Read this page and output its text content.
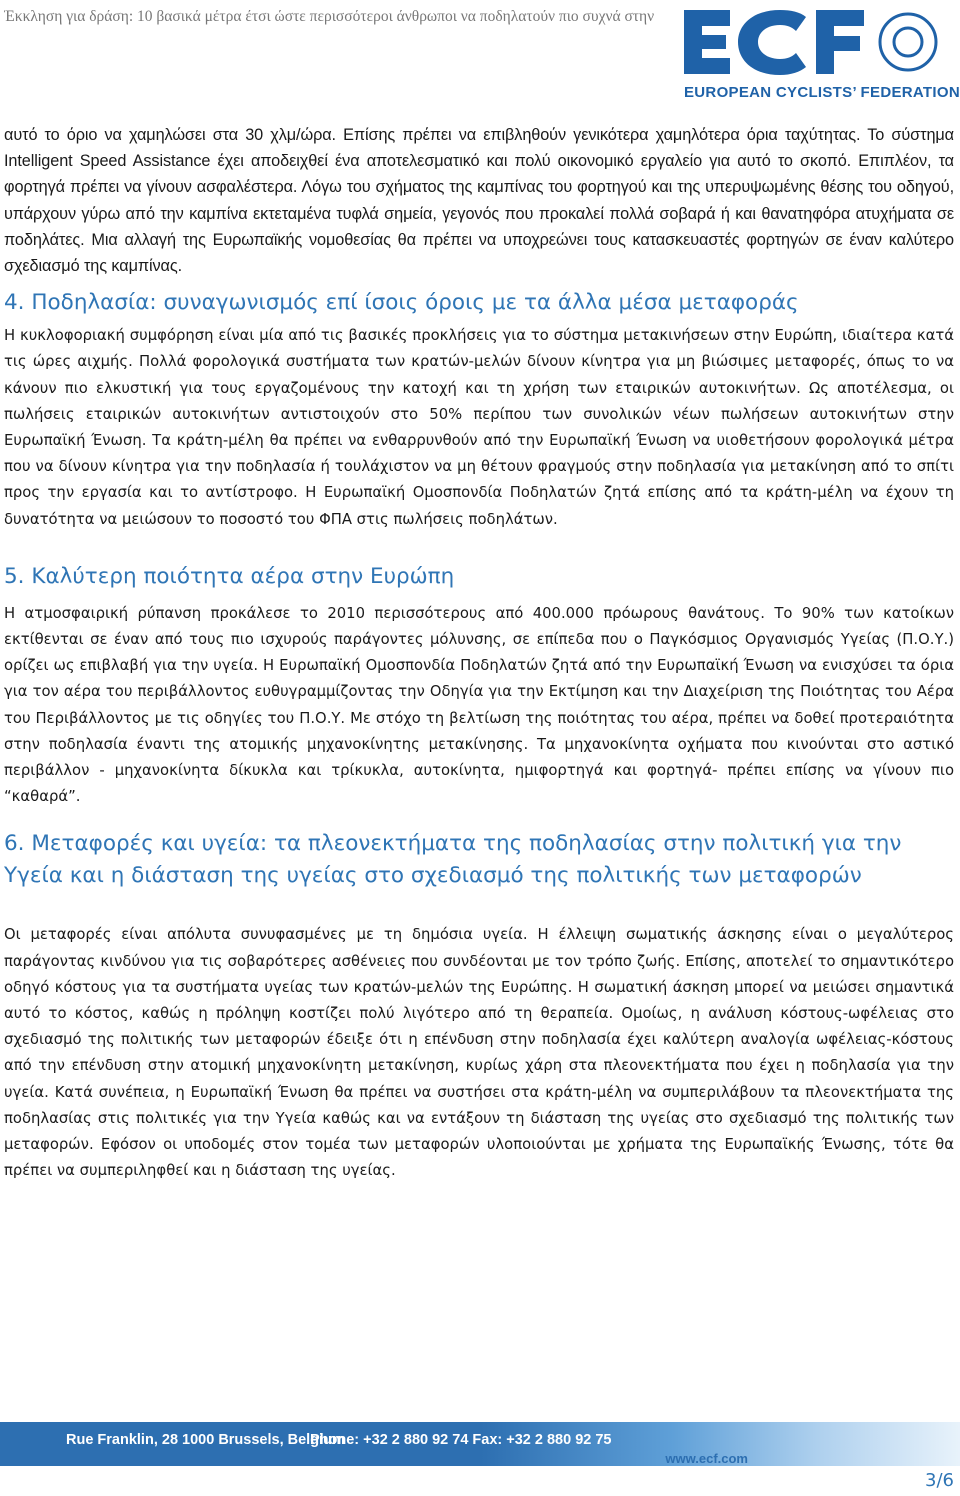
Έκκληση για δράση: 10 βασικά μέτρα έτσι ώστε περισσότεροι άνθρωποι να ποδηλατούν πιο συχνά στην
EUROPEAN CYCLISTS’ FEDERATION

αυτό το όριο να χαμηλώσει στα 30 χλμ/ώρα. Επίσης πρέπει να επιβληθούν γενικότερα χαμηλότερα όρια ταχύτητας. Το σύστημα Intelligent Speed Assistance έχει αποδειχθεί ένα αποτελεσματικό και πολύ οικονομικό εργαλείο για αυτό το σκοπό. Επιπλέον, τα φορτηγά πρέπει να γίνουν ασφαλέστερα. Λόγω του σχήματος της καμπίνας του φορτηγού και της υπερυψωμένης θέσης του οδηγού, υπάρχουν γύρω από την καμπίνα εκτεταμένα τυφλά σημεία, γεγονός που προκαλεί πολλά σοβαρά ή και θανατηφόρα ατυχήματα σε ποδηλάτες. Μια αλλαγή της Ευρωπαϊκής νομοθεσίας θα πρέπει να υποχρεώνει τους κατασκευαστές φορτηγών σε έναν καλύτερο σχεδιασμό της καμπίνας.

4. Ποδηλασία: συναγωνισμός επί ίσοις όροις με τα άλλα μέσα μεταφοράς

Η κυκλοφοριακή συμφόρηση είναι μία από τις βασικές προκλήσεις για το σύστημα μετακινήσεων στην Ευρώπη, ιδιαίτερα κατά τις ώρες αιχμής. Πολλά φορολογικά συστήματα των κρατών-μελών δίνουν κίνητρα για μη βιώσιμες μεταφορές, όπως το να κάνουν πιο ελκυστική για τους εργαζομένους την κατοχή και τη χρήση των εταιρικών αυτοκινήτων. Ως αποτέλεσμα, οι πωλήσεις εταιρικών αυτοκινήτων αντιστοιχούν στο 50% περίπου των συνολικών νέων πωλήσεων αυτοκινήτων στην Ευρωπαϊκή Ένωση. Τα κράτη-μέλη θα πρέπει να ενθαρρυνθούν από την Ευρωπαϊκή Ένωση να υιοθετήσουν φορολογικά μέτρα που να δίνουν κίνητρα για την ποδηλασία ή τουλάχιστον να μη θέτουν φραγμούς στην ποδηλασία για μετακίνηση από το σπίτι προς την εργασία και το αντίστροφο. Η Ευρωπαϊκή Ομοσπονδία Ποδηλατών ζητά επίσης από τα κράτη-μέλη να έχουν τη δυνατότητα να μειώσουν το ποσοστό του ΦΠΑ στις πωλήσεις ποδηλάτων.

5. Καλύτερη ποιότητα αέρα στην Ευρώπη

Η ατμοσφαιρική ρύπανση προκάλεσε το 2010 περισσότερους από 400.000 πρόωρους θανάτους. Το 90% των κατοίκων εκτίθενται σε έναν από τους πιο ισχυρούς παράγοντες μόλυνσης, σε επίπεδα που ο Παγκόσμιος Οργανισμός Υγείας (Π.Ο.Υ.) ορίζει ως επιβλαβή για την υγεία. Η Ευρωπαϊκή Ομοσπονδία Ποδηλατών ζητά από την Ευρωπαϊκή Ένωση να ενισχύσει τα όρια για τον αέρα του περιβάλλοντος ευθυγραμμίζοντας την Οδηγία για την Εκτίμηση και την Διαχείριση της Ποιότητας του Αέρα του Περιβάλλοντος με τις οδηγίες του Π.Ο.Υ. Με στόχο τη βελτίωση της ποιότητας του αέρα, πρέπει να δοθεί προτεραιότητα στην ποδηλασία έναντι της ατομικής μηχανοκίνητης μετακίνησης. Τα μηχανοκίνητα οχήματα που κινούνται στο αστικό περιβάλλον - μηχανοκίνητα δίκυκλα και τρίκυκλα, αυτοκίνητα, ημιφορτηγά και φορτηγά- πρέπει επίσης να γίνουν πιο “καθαρά”.

6. Μεταφορές και υγεία: τα πλεονεκτήματα της ποδηλασίας στην πολιτική για την Υγεία και η διάσταση της υγείας στο σχεδιασμό της πολιτικής των μεταφορών

Οι μεταφορές είναι απόλυτα συνυφασμένες με τη δημόσια υγεία. Η έλλειψη σωματικής άσκησης είναι ο μεγαλύτερος παράγοντας κινδύνου για τις σοβαρότερες ασθένειες που συνδέονται με τον τρόπο ζωής. Επίσης, αποτελεί το σημαντικότερο οδηγό κόστους για τα συστήματα υγείας των κρατών-μελών της Ευρώπης. Η σωματική άσκηση μπορεί να μειώσει σημαντικά αυτό το κόστος, καθώς η πρόληψη κοστίζει πολύ λιγότερο από τη θεραπεία. Ομοίως, η ανάλυση κόστους-ωφέλειας στο σχεδιασμό της πολιτικής των μεταφορών έδειξε ότι η επένδυση στην ποδηλασία έχει καλύτερη αναλογία ωφέλειας-κόστους από την επένδυση στην ατομική μηχανοκίνητη μετακίνηση, κυρίως χάρη στα πλεονεκτήματα που έχει η ποδηλασία για την υγεία. Κατά συνέπεια, η Ευρωπαϊκή Ένωση θα πρέπει να συστήσει στα κράτη-μέλη να συμπεριλάβουν τα πλεονεκτήματα της ποδηλασίας στις πολιτικές για την Υγεία καθώς και να εντάξουν τη διάσταση της υγείας στο σχεδιασμό της πολιτικής των μεταφορών. Εφόσον οι υποδομές στον τομέα των μεταφορών υλοποιούνται με χρήματα της Ευρωπαϊκής Ένωσης, τότε θα πρέπει να συμπεριληφθεί και η διάσταση της υγείας.

Rue Franklin, 28 1000 Brussels, Belgium
Phone: +32 2 880 92 74 Fax: +32 2 880 92 75
www.ecf.com
3/6
